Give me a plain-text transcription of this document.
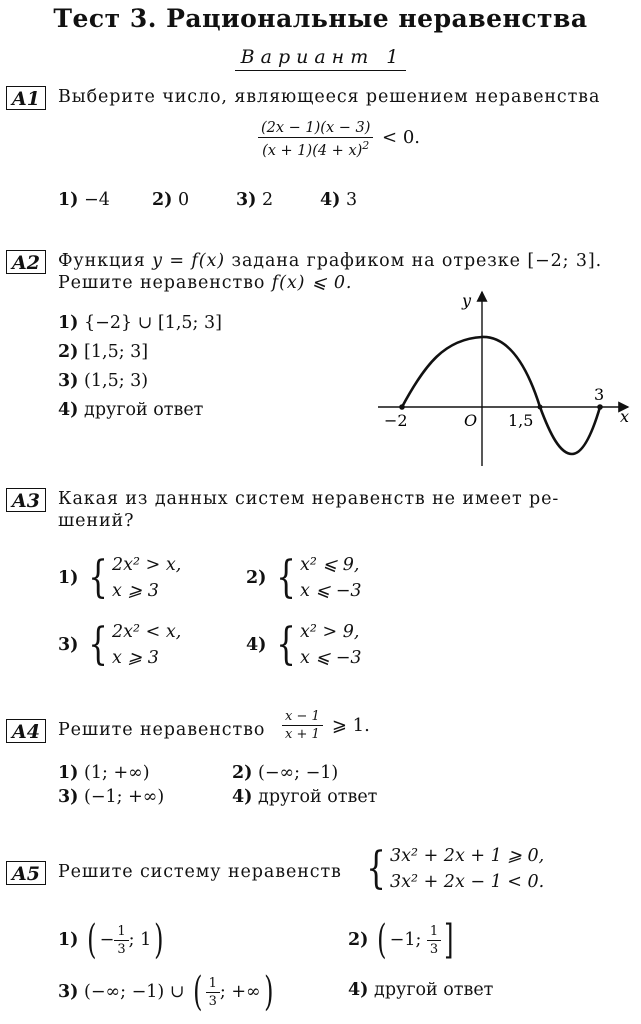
Тест 3. Рациональные неравенства
Вариант 1
A1	Выберите число, являющееся решением неравенства
$\frac{(2x - 1)(x - 3)}{(x + 1)(4 + x)^2} < 0$.
1) −4 2) 0	3) 2	4) 3
A2	Функция y = f(x) задана графиком на отрезке [−2; 3].
Решите неравенство f(x) ⩽ 0.
1) {−2} ∪ [1,5; 3]
2) [1,5; 3]
3) (1,5; 3)
4) другой ответ
y
x
O
−2	1,5
3
A3	Какая из данных систем неравенств не имеет ре-
шений?
1) { 2x² > x,
x ⩾ 3
2) { x² ⩽ 9,
x ⩽ −3
3) { 2x² < x,
x ⩾ 3
4) { x² > 9,
x ⩽ −3
A4	Решите неравенство $\frac{x - 1}{x + 1}$ ⩾ 1.
1) (1; +∞)	2) (−∞; −1)
3) (−1; +∞)	4) другой ответ
A5	Решите систему неравенств { 3x² + 2x + 1 ⩾ 0,
3x² + 2x − 1 < 0.
1) ( − $\frac{1}{3}$ ; 1)	2) ( −1; $\frac{1}{3}$ ]
3) (−∞; −1) ∪ ( $\frac{1}{3}$ ; +∞)	4) другой ответ
